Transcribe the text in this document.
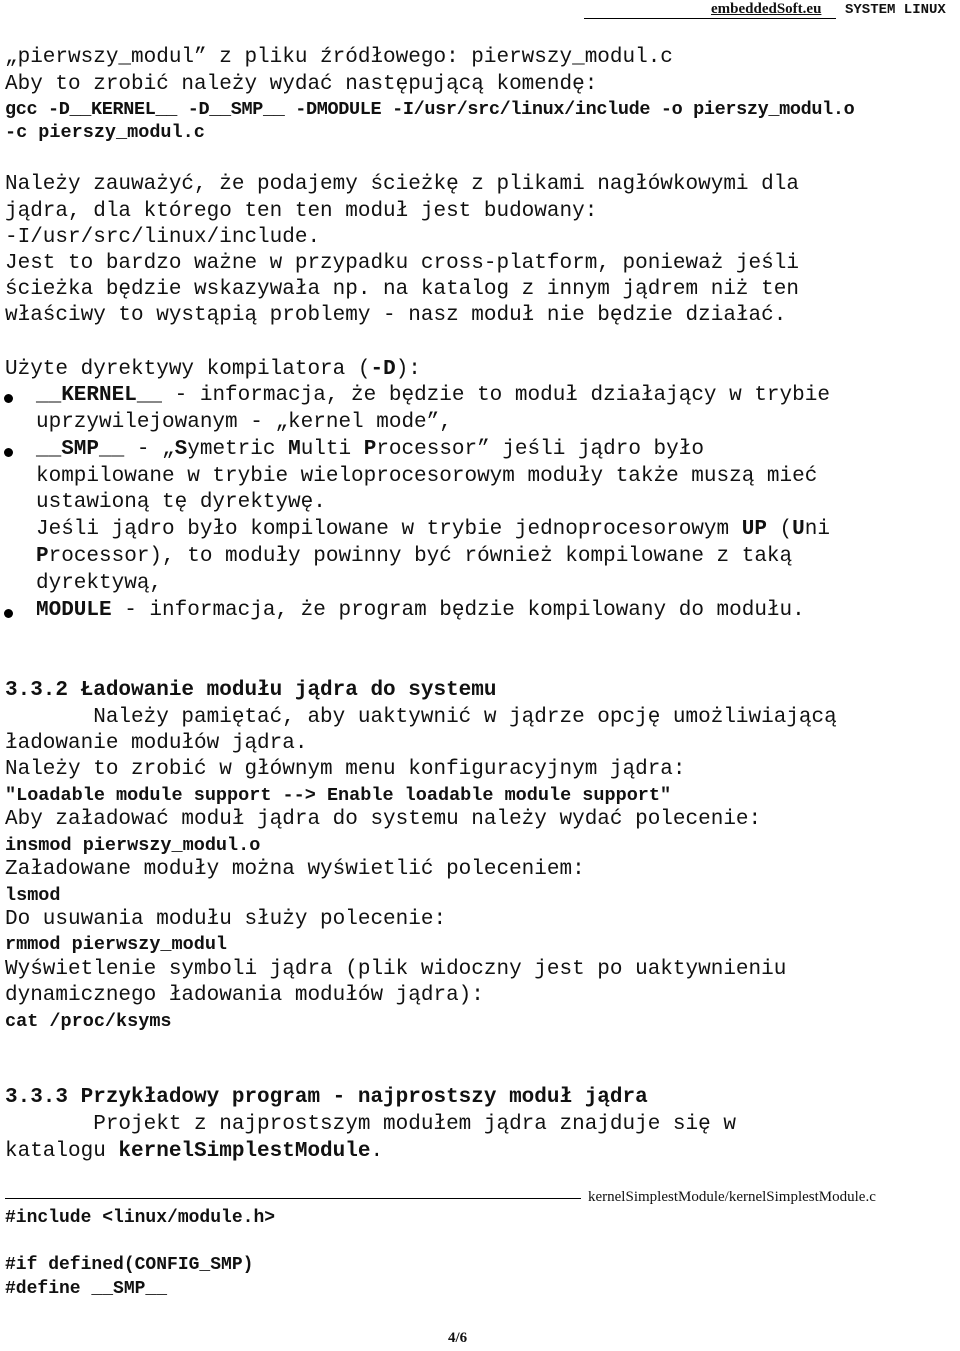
embeddedSoft.eu SYSTEM LINUX
„pierwszy_modul” z pliku źródłowego: pierwszy_modul.c
Aby to zrobić należy wydać następującą komendę:
gcc -D__KERNEL__ -D__SMP__ -DMODULE -I/usr/src/linux/include -o pierszy_modul.o
-c pierszy_modul.c
Należy zauważyć, że podajemy ścieżkę z plikami nagłówkowymi dla
jądra, dla którego ten ten moduł jest budowany:
-I/usr/src/linux/include.
Jest to bardzo ważne w przypadku cross-platform, ponieważ jeśli
ścieżka będzie wskazywała np. na katalog z innym jądrem niż ten
właściwy to wystąpią problemy - nasz moduł nie będzie działać.
Użyte dyrektywy kompilatora (-D):
__KERNEL__ - informacja, że będzie to moduł działający w trybie
uprzywilejowanym - „kernel mode”,
__SMP__ - „Symetric Multi Processor” jeśli jądro było
kompilowane w trybie wieloprocesorowym moduły także muszą mieć
ustawioną tę dyrektywę.
Jeśli jądro było kompilowane w trybie jednoprocesorowym UP (Uni
Processor), to moduły powinny być również kompilowane z taką
dyrektywą,
MODULE - informacja, że program będzie kompilowany do modułu.
3.3.2 Ładowanie modułu jądra do systemu
Należy pamiętać, aby uaktywnić w jądrze opcję umożliwiającą
ładowanie modułów jądra.
Należy to zrobić w głównym menu konfiguracyjnym jądra:
"Loadable module support --> Enable loadable module support"
Aby załadować moduł jądra do systemu należy wydać polecenie:
insmod pierwszy_modul.o
Załadowane moduły można wyświetlić poleceniem:
lsmod
Do usuwania modułu służy polecenie:
rmmod pierwszy_modul
Wyświetlenie symboli jądra (plik widoczny jest po uaktywnieniu
dynamicznego ładowania modułów jądra):
cat /proc/ksyms
3.3.3 Przykładowy program - najprostszy moduł jądra
Projekt z najprostszym modułem jądra znajduje się w
katalogu kernelSimplestModule.
kernelSimplestModule/kernelSimplestModule.c
#include <linux/module.h>
#if defined(CONFIG_SMP)
#define __SMP__
4/6
